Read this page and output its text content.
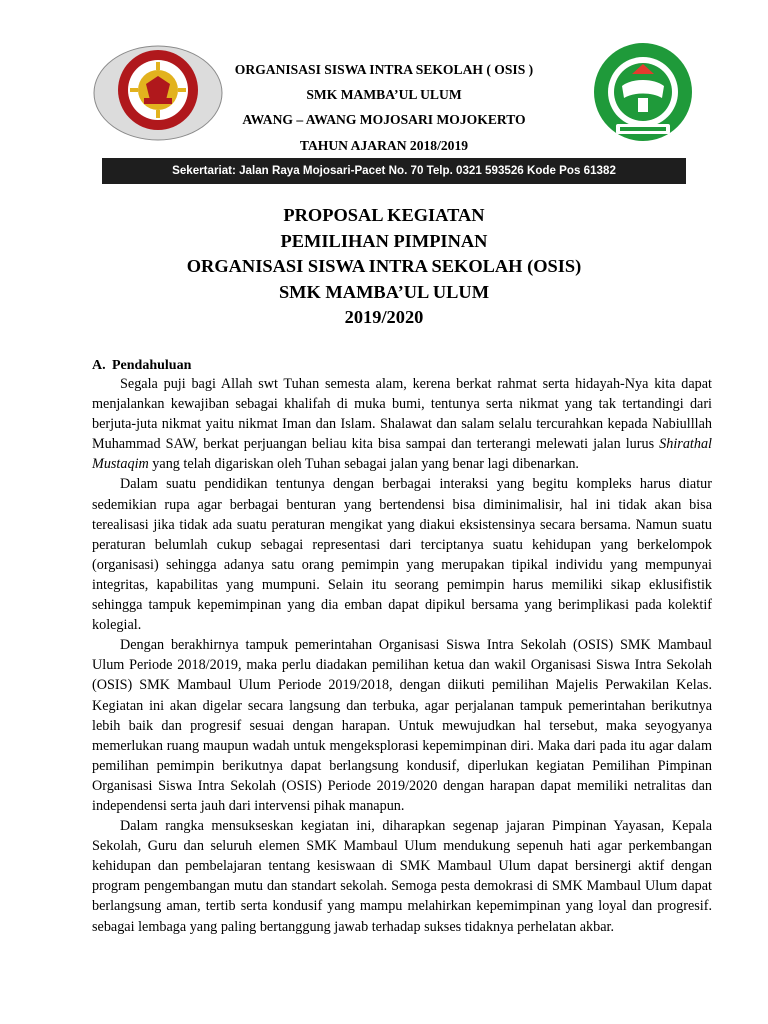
ORGANISASI SISWA INTRA SEKOLAH ( OSIS )
SMK MAMBA’UL ULUM
AWANG – AWANG MOJOSARI MOJOKERTO
TAHUN AJARAN 2018/2019
Sekertariat: Jalan Raya Mojosari-Pacet No. 70 Telp. 0321 593526 Kode Pos 61382
PROPOSAL KEGIATAN
PEMILIHAN PIMPINAN
ORGANISASI SISWA INTRA SEKOLAH (OSIS)
SMK MAMBA’UL ULUM
2019/2020
A. Pendahuluan

Segala puji bagi Allah swt Tuhan semesta alam, kerena berkat rahmat serta hidayah-Nya kita dapat menjalankan kewajiban sebagai khalifah di muka bumi, tentunya serta nikmat yang tak tertandingi dari berjuta-juta nikmat yaitu nikmat Iman dan Islam. Shalawat dan salam selalu tercurahkan kepada Nabiulllah Muhammad SAW, berkat perjuangan beliau kita bisa sampai dan terterangi melewati jalan lurus Shirathal Mustaqim yang telah digariskan oleh Tuhan sebagai jalan yang benar lagi dibenarkan.

Dalam suatu pendidikan tentunya dengan berbagai interaksi yang begitu kompleks harus diatur sedemikian rupa agar berbagai benturan yang bertendensi bisa diminimalisir, hal ini tidak akan bisa terealisasi jika tidak ada suatu peraturan mengikat yang diakui eksistensinya secara bersama. Namun suatu peraturan belumlah cukup sebagai representasi dari terciptanya suatu kehidupan yang berkelompok (organisasi) sehingga adanya satu orang pemimpin yang merupakan tipikal individu yang mempunyai integritas, kapabilitas yang mumpuni. Selain itu seorang pemimpin harus memiliki sikap eklusifistik sehingga tampuk kepemimpinan yang dia emban dapat dipikul bersama yang berimplikasi pada kolektif kolegial.

Dengan berakhirnya tampuk pemerintahan Organisasi Siswa Intra Sekolah (OSIS) SMK Mambaul Ulum Periode 2018/2019, maka perlu diadakan pemilihan ketua dan wakil Organisasi Siswa Intra Sekolah (OSIS) SMK Mambaul Ulum Periode 2019/2018, dengan diikuti pemilihan Majelis Perwakilan Kelas. Kegiatan ini akan digelar secara langsung dan terbuka, agar perjalanan tampuk pemerintahan berikutnya lebih baik dan progresif sesuai dengan harapan. Untuk mewujudkan hal tersebut, maka seyogyanya memerlukan ruang maupun wadah untuk mengeksplorasi kepemimpinan diri. Maka dari pada itu agar dalam pemilihan pemimpin berikutnya dapat berlangsung kondusif, diperlukan kegiatan Pemilihan Pimpinan Organisasi Siswa Intra Sekolah (OSIS) Periode 2019/2020 dengan harapan dapat memiliki netralitas dan independensi serta jauh dari intervensi pihak manapun.

Dalam rangka mensukseskan kegiatan ini, diharapkan segenap jajaran Pimpinan Yayasan, Kepala Sekolah, Guru dan seluruh elemen SMK Mambaul Ulum mendukung sepenuh hati agar perkembangan kehidupan dan pembelajaran tentang kesiswaan di SMK Mambaul Ulum dapat bersinergi aktif dengan program pengembangan mutu dan standart sekolah. Semoga pesta demokrasi di SMK Mambaul Ulum dapat berlangsung aman, tertib serta kondusif yang mampu melahirkan kepemimpinan yang loyal dan progresif. sebagai lembaga yang paling bertanggung jawab terhadap sukses tidaknya perhelatan akbar.
